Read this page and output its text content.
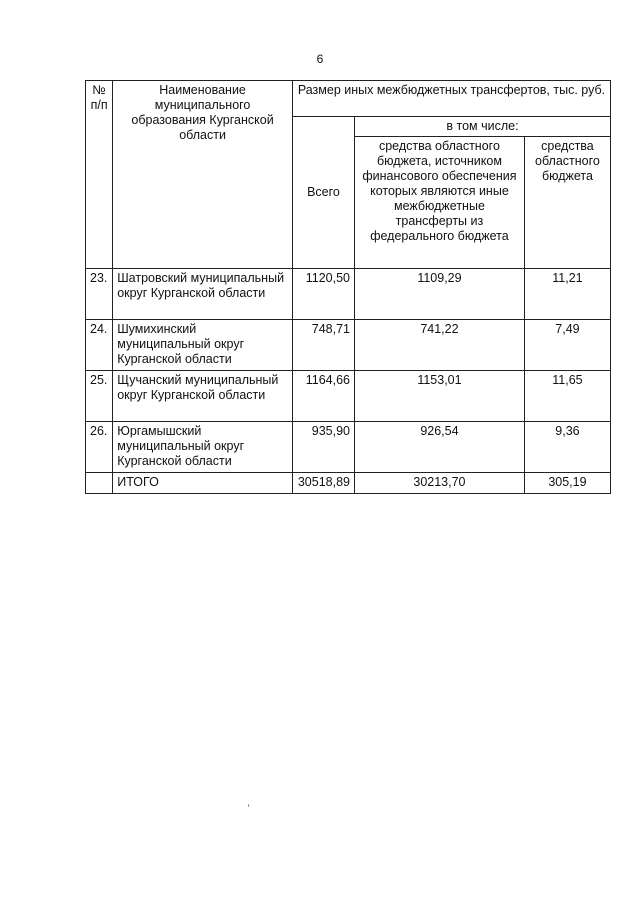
6
№ п/п	Наименование муниципального образования Курганской области	Размер иных межбюджетных трансфертов, тыс. руб.		
		Всего	в том числе:	
			средства областного бюджета, источником финансового обеспечения которых являются иные межбюджетные трансферты из федерального бюджета	средства областного бюджета
23.	Шатровский муниципальный округ Курганской области	1120,50	1109,29	11,21
24.	Шумихинский муниципальный округ Курганской области	748,71	741,22	7,49
25.	Щучанский муниципальный округ Курганской области	1164,66	1153,01	11,65
26.	Юргамышский муниципальный округ Курганской области	935,90	926,54	9,36
	ИТОГО	30518,89	30213,70	305,19
